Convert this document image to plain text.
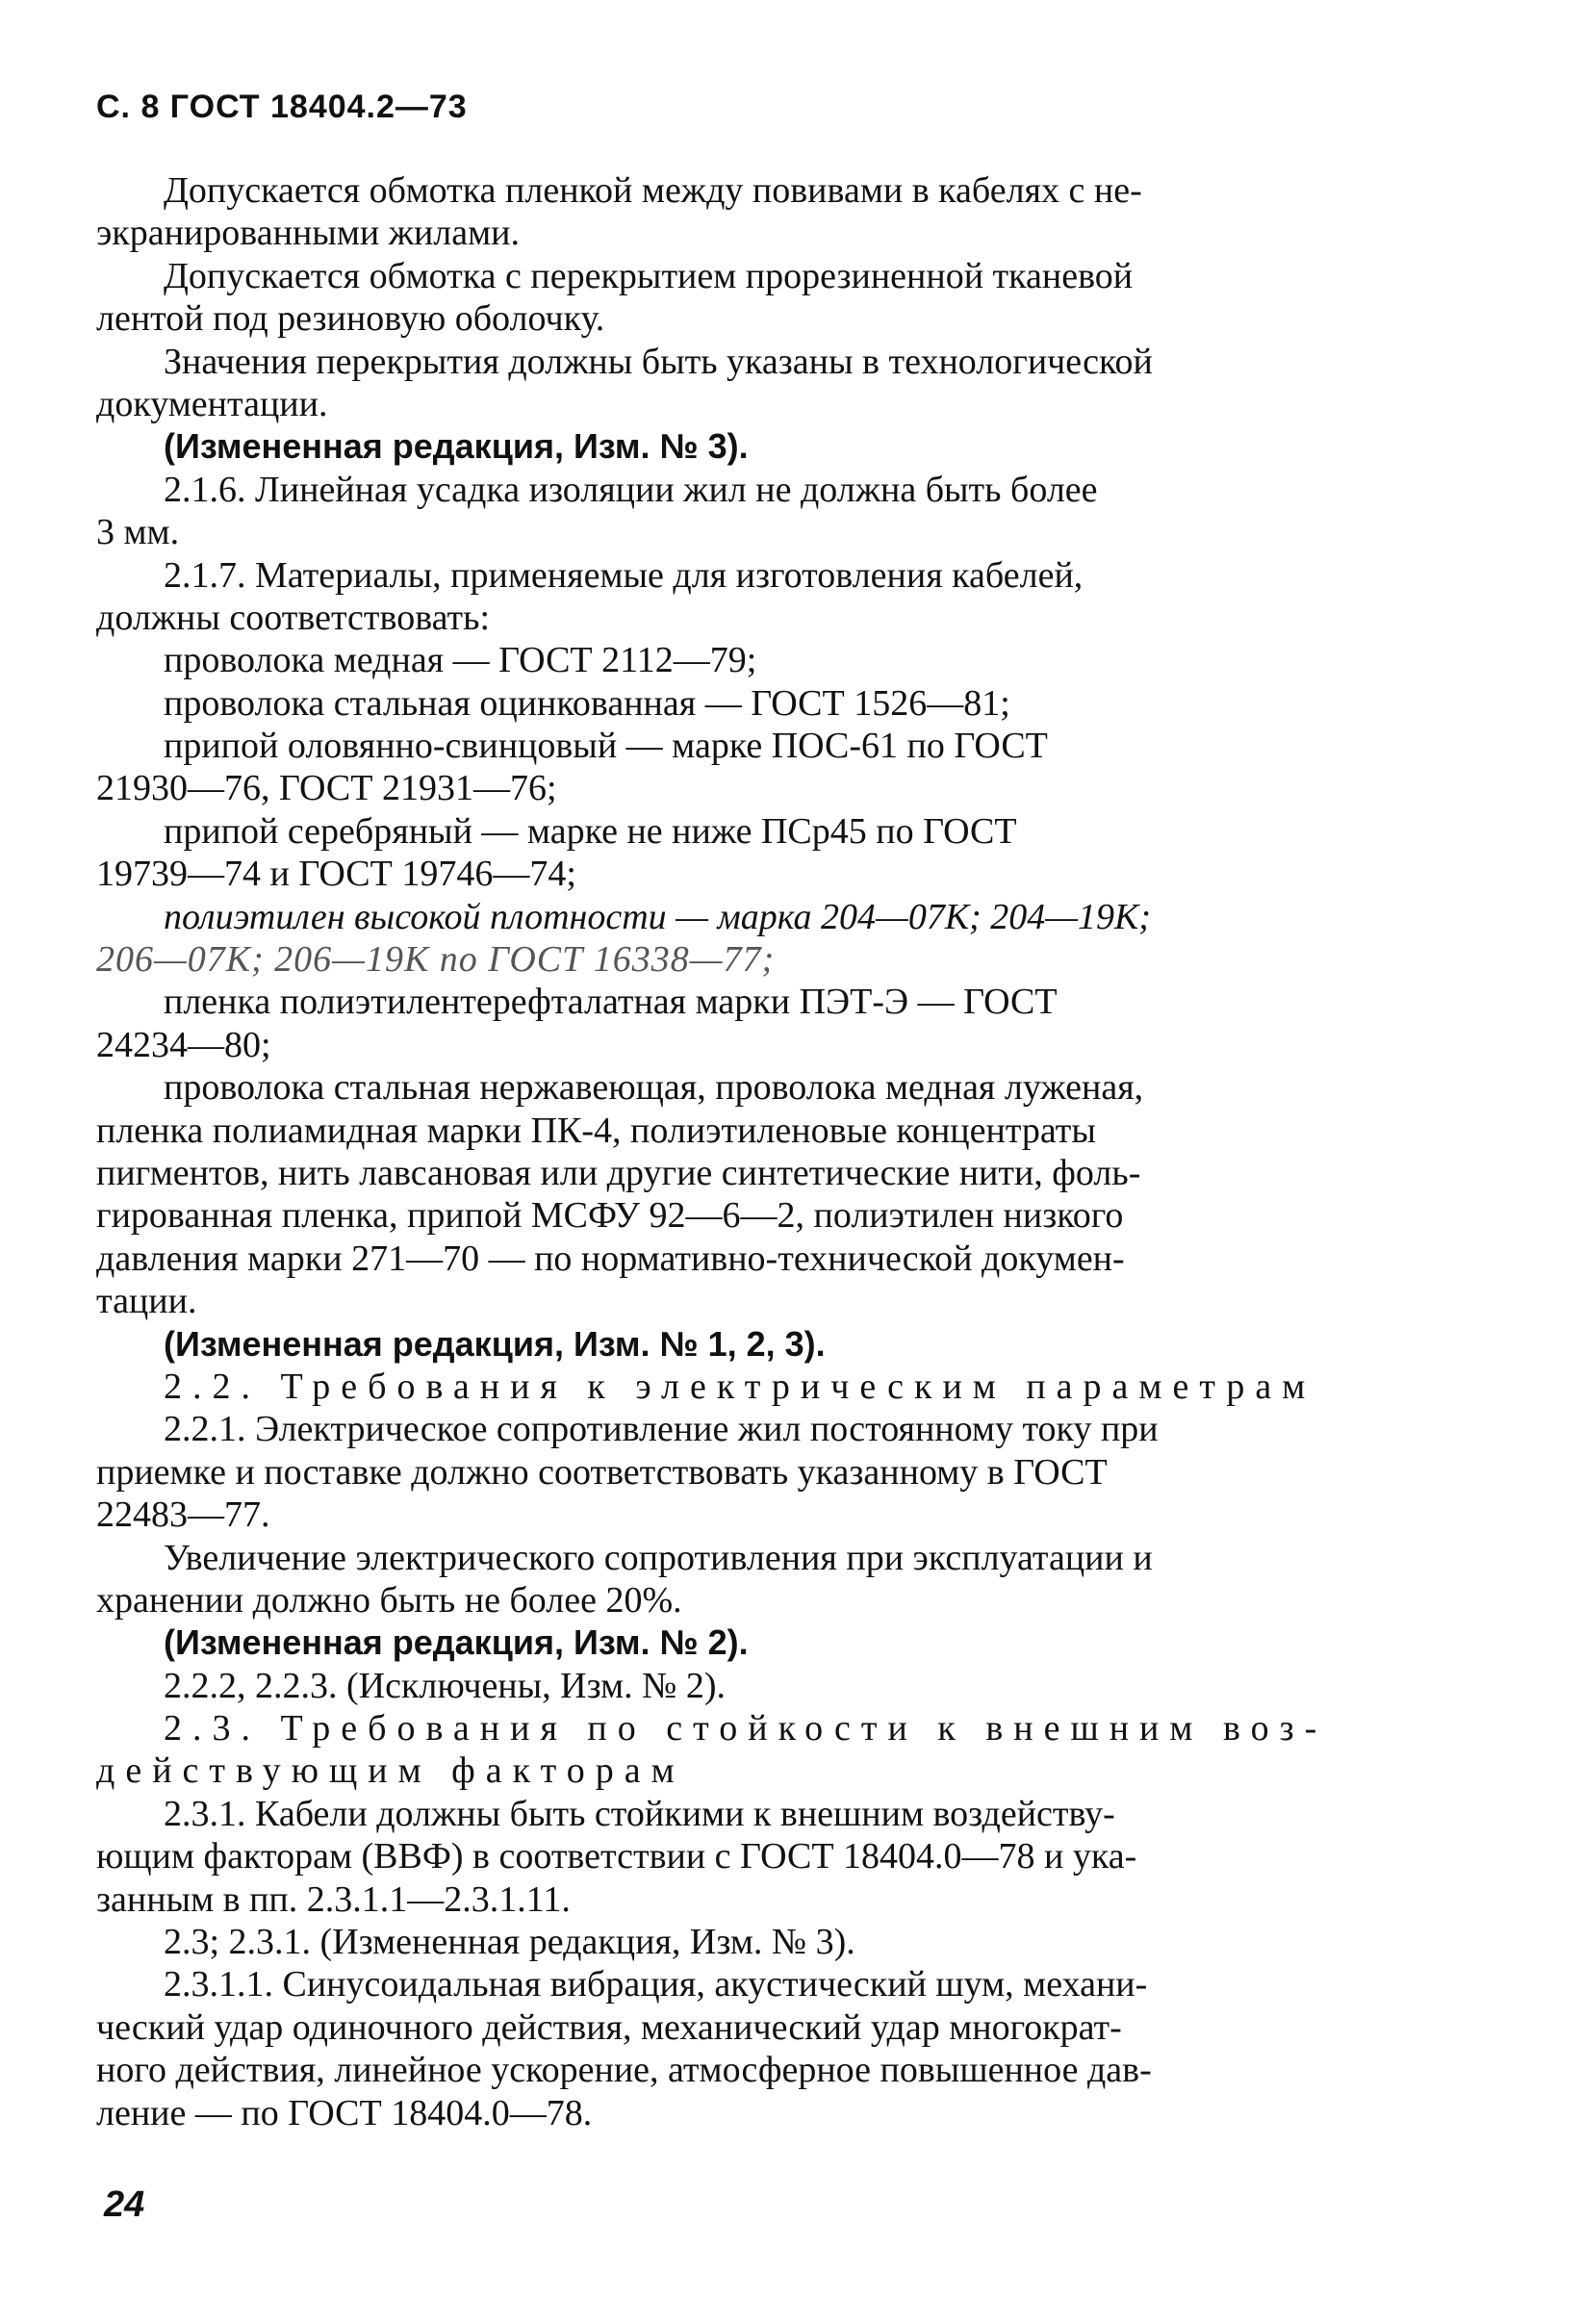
С. 8 ГОСТ 18404.2—73
Допускается обмотка пленкой между повивами в кабелях с не-
экранированными жилами.
Допускается обмотка с перекрытием прорезиненной тканевой
лентой под резиновую оболочку.
Значения перекрытия должны быть указаны в технологической
документации.
(Измененная редакция, Изм. № 3).
2.1.6. Линейная усадка изоляции жил не должна быть более
3 мм.
2.1.7. Материалы, применяемые для изготовления кабелей,
должны соответствовать:
проволока медная — ГОСТ 2112—79;
проволока стальная оцинкованная — ГОСТ 1526—81;
припой оловянно-свинцовый — марке ПОС-61 по ГОСТ
21930—76, ГОСТ 21931—76;
припой серебряный — марке не ниже ПСр45 по ГОСТ
19739—74 и ГОСТ 19746—74;
полиэтилен высокой плотности — марка 204—07К; 204—19К;
206—07К; 206—19К по ГОСТ 16338—77;
пленка полиэтилентерефталатная марки ПЭТ-Э — ГОСТ
24234—80;
проволока стальная нержавеющая, проволока медная луженая,
пленка полиамидная марки ПК-4, полиэтиленовые концентраты
пигментов, нить лавсановая или другие синтетические нити, фоль-
гированная пленка, припой МСФУ 92—6—2, полиэтилен низкого
давления марки 271—70 — по нормативно-технической докумен-
тации.
(Измененная редакция, Изм. № 1, 2, 3).
2.2. Требования к электрическим параметрам
2.2.1. Электрическое сопротивление жил постоянному току при
приемке и поставке должно соответствовать указанному в ГОСТ
22483—77.
Увеличение электрического сопротивления при эксплуатации и
хранении должно быть не более 20%.
(Измененная редакция, Изм. № 2).
2.2.2, 2.2.3. (Исключены, Изм. № 2).
2.3. Требования по стойкости к внешним воз-
действующим факторам
2.3.1. Кабели должны быть стойкими к внешним воздейству-
ющим факторам (ВВФ) в соответствии с ГОСТ 18404.0—78 и ука-
занным в пп. 2.3.1.1—2.3.1.11.
2.3; 2.3.1. (Измененная редакция, Изм. № 3).
2.3.1.1. Синусоидальная вибрация, акустический шум, механи-
ческий удар одиночного действия, механический удар многократ-
ного действия, линейное ускорение, атмосферное повышенное дав-
ление — по ГОСТ 18404.0—78.
24
